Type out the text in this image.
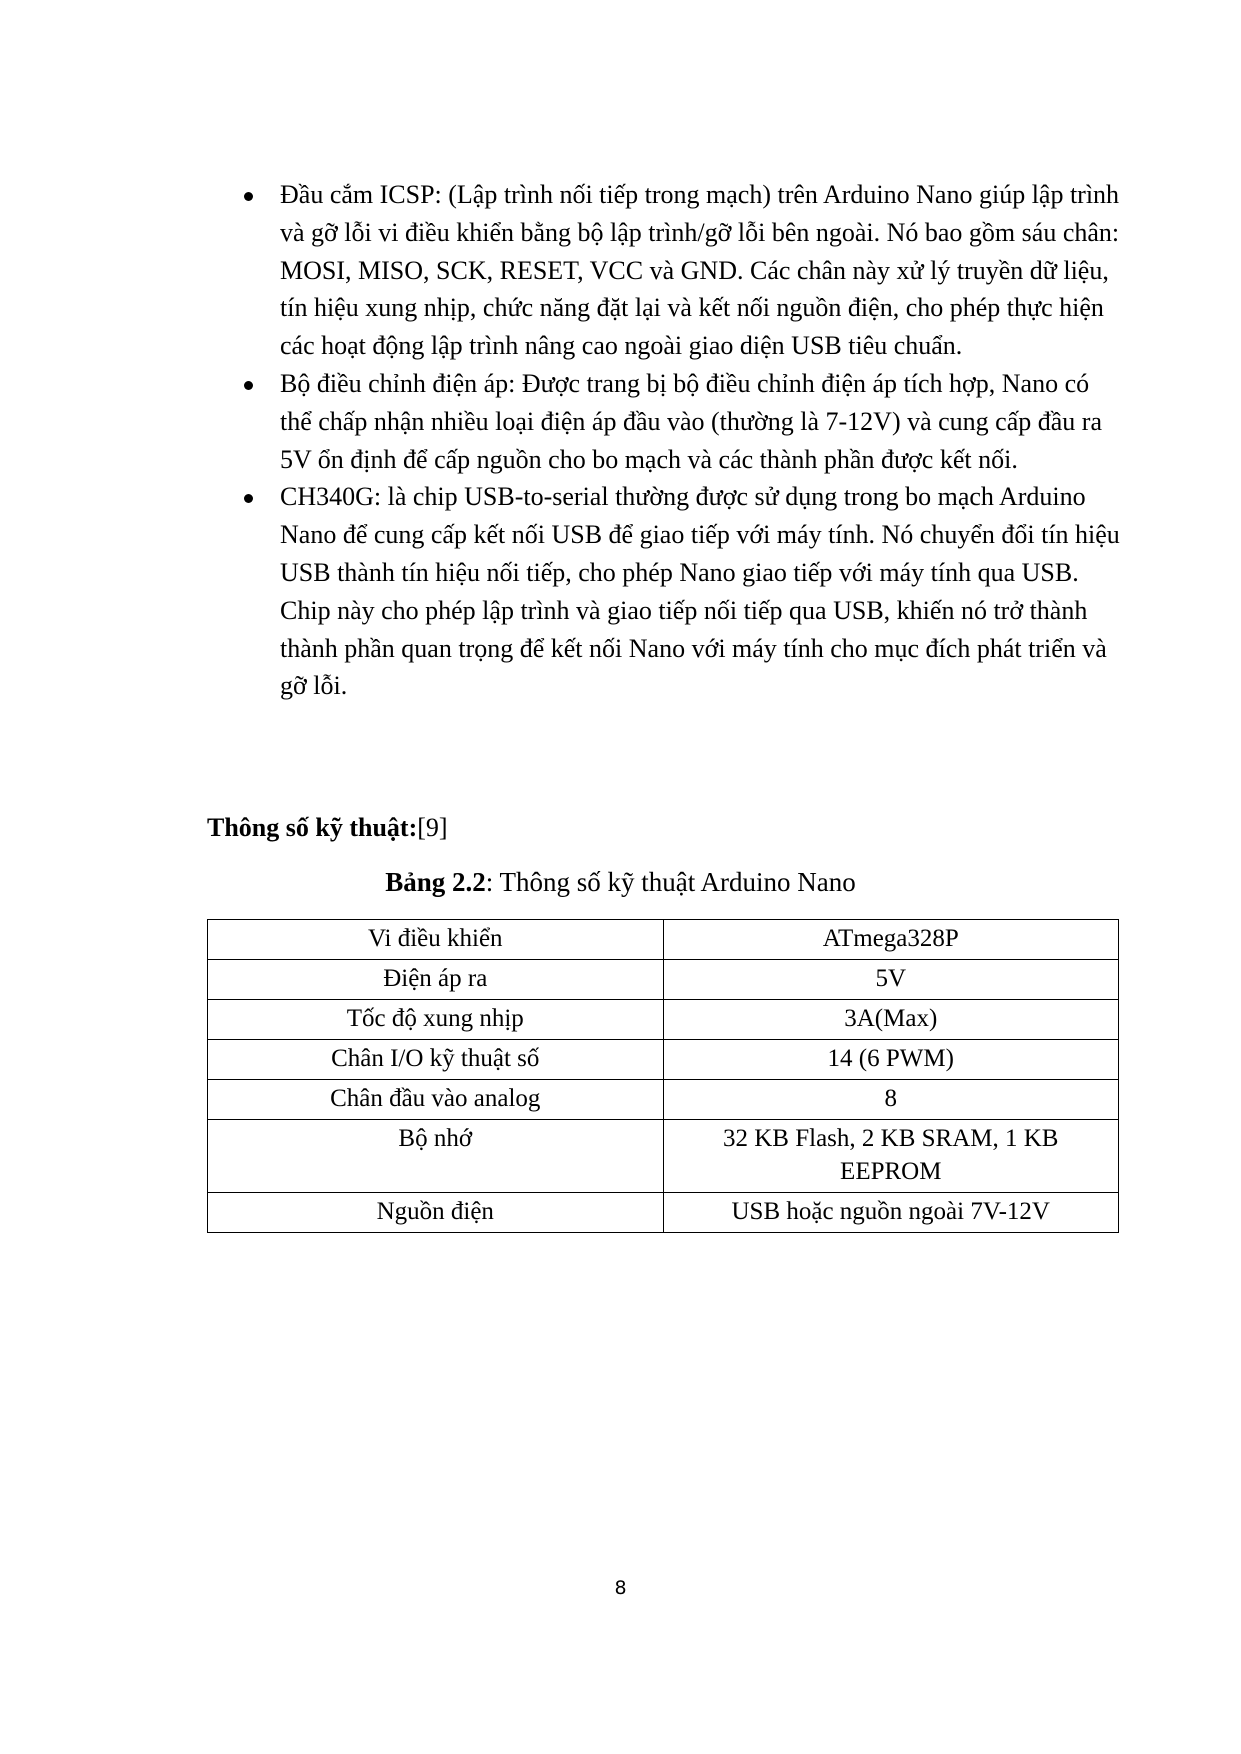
Đầu cắm ICSP: (Lập trình nối tiếp trong mạch) trên Arduino Nano giúp lập trình và gỡ lỗi vi điều khiển bằng bộ lập trình/gỡ lỗi bên ngoài. Nó bao gồm sáu chân: MOSI, MISO, SCK, RESET, VCC và GND. Các chân này xử lý truyền dữ liệu, tín hiệu xung nhịp, chức năng đặt lại và kết nối nguồn điện, cho phép thực hiện các hoạt động lập trình nâng cao ngoài giao diện USB tiêu chuẩn.
Bộ điều chỉnh điện áp: Được trang bị bộ điều chỉnh điện áp tích hợp, Nano có thể chấp nhận nhiều loại điện áp đầu vào (thường là 7-12V) và cung cấp đầu ra 5V ổn định để cấp nguồn cho bo mạch và các thành phần được kết nối.
CH340G: là chip USB-to-serial thường được sử dụng trong bo mạch Arduino Nano để cung cấp kết nối USB để giao tiếp với máy tính. Nó chuyển đổi tín hiệu USB thành tín hiệu nối tiếp, cho phép Nano giao tiếp với máy tính qua USB. Chip này cho phép lập trình và giao tiếp nối tiếp qua USB, khiến nó trở thành thành phần quan trọng để kết nối Nano với máy tính cho mục đích phát triển và gỡ lỗi.

Thông số kỹ thuật:[9]

Bảng 2.2: Thông số kỹ thuật Arduino Nano

Vi điều khiển	ATmega328P
Điện áp ra	5V
Tốc độ xung nhịp	3A(Max)
Chân I/O kỹ thuật số	14 (6 PWM)
Chân đầu vào analog	8
Bộ nhớ	32 KB Flash, 2 KB SRAM, 1 KB EEPROM
Nguồn điện	USB hoặc nguồn ngoài 7V-12V
8
